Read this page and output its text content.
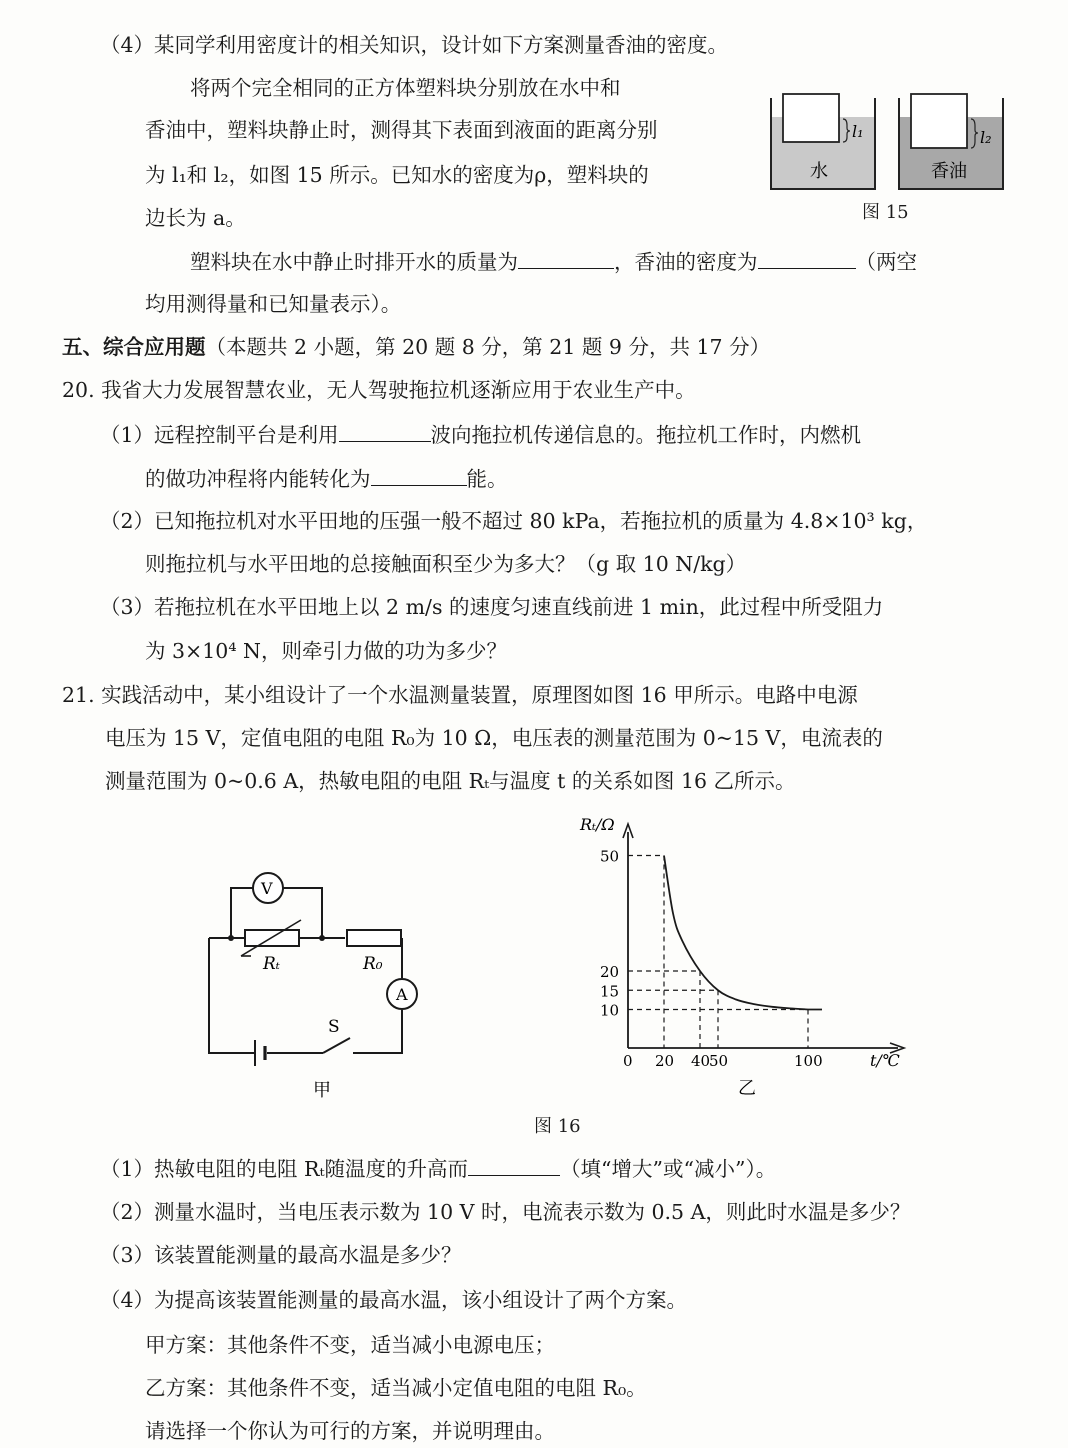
（4）某同学利用密度计的相关知识，设计如下方案测量香油的密度。
将两个完全相同的正方体塑料块分别放在水中和
香油中，塑料块静止时，测得其下表面到液面的距离分别
为 l₁和 l₂，如图 15 所示。已知水的密度为ρ，塑料块的
边长为 a。
塑料块在水中静止时排开水的质量为	，香油的密度为	（两空
均用测得量和已知量表示）。
l₁
水
l₂
香油
图 15
五、综合应用题（本题共 2 小题，第 20 题 8 分，第 21 题 9 分，共 17 分）
20. 我省大力发展智慧农业，无人驾驶拖拉机逐渐应用于农业生产中。
（1）远程控制平台是利用	波向拖拉机传递信息的。拖拉机工作时，内燃机
的做功冲程将内能转化为	能。
（2）已知拖拉机对水平田地的压强一般不超过 80 kPa，若拖拉机的质量为 4.8×10³ kg，
则拖拉机与水平田地的总接触面积至少为多大？（g 取 10 N/kg）
（3）若拖拉机在水平田地上以 2 m/s 的速度匀速直线前进 1 min，此过程中所受阻力
为 3×10⁴ N，则牵引力做的功为多少？
21. 实践活动中，某小组设计了一个水温测量装置，原理图如图 16 甲所示。电路中电源
电压为 15 V，定值电阻的电阻 R₀为 10 Ω，电压表的测量范围为 0~15 V，电流表的
测量范围为 0~0.6 A，热敏电阻的电阻 Rₜ与温度 t 的关系如图 16 乙所示。
V
Rₜ	R₀
A
S
甲
Rₜ/Ω
t/℃
乙
10
15
20
50
0 20 40
50	100
图 16
（1）热敏电阻的电阻 Rₜ随温度的升高而	（填“增大”或“减小”）。
（2）测量水温时，当电压表示数为 10 V 时，电流表示数为 0.5 A，则此时水温是多少？
（3）该装置能测量的最高水温是多少？
（4）为提高该装置能测量的最高水温，该小组设计了两个方案。
甲方案：其他条件不变，适当减小电源电压；
乙方案：其他条件不变，适当减小定值电阻的电阻 R₀。
请选择一个你认为可行的方案，并说明理由。
